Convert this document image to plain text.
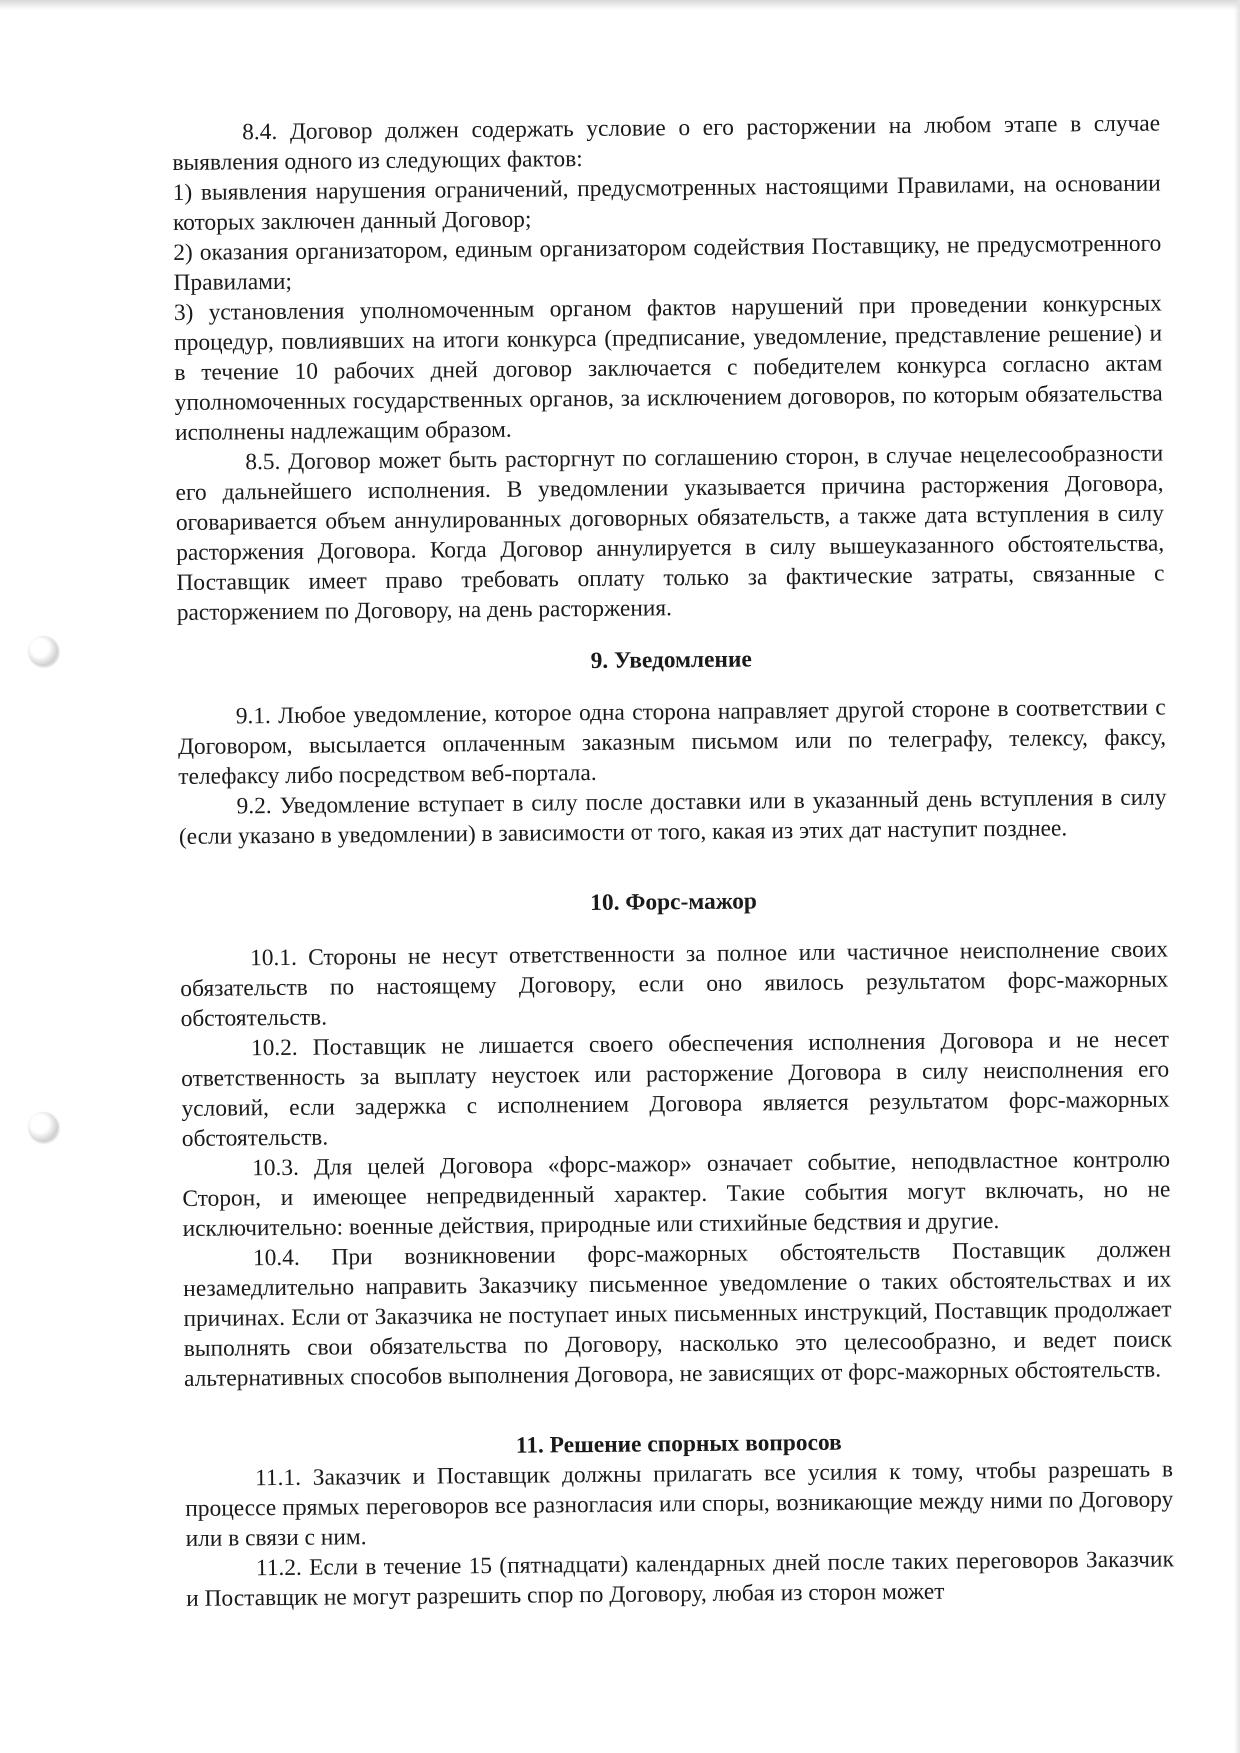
8.4. Договор должен содержать условие о его расторжении на любом этапе в случае выявления одного из следующих фактов:

1) выявления нарушения ограничений, предусмотренных настоящими Правилами, на основании которых заключен данный Договор;

2) оказания организатором, единым организатором содействия Поставщику, не предусмотренного Правилами;

3) установления уполномоченным органом фактов нарушений при проведении конкурсных процедур, повлиявших на итоги конкурса (предписание, уведомление, представление решение) и в течение 10 рабочих дней договор заключается с победителем конкурса согласно актам уполномоченных государственных органов, за исключением договоров, по которым обязательства исполнены надлежащим образом.

8.5. Договор может быть расторгнут по соглашению сторон, в случае нецелесообразности его дальнейшего исполнения. В уведомлении указывается причина расторжения Договора, оговаривается объем аннулированных договорных обязательств, а также дата вступления в силу расторжения Договора. Когда Договор аннулируется в силу вышеуказанного обстоятельства, Поставщик имеет право требовать оплату только за фактические затраты, связанные с расторжением по Договору, на день расторжения.

9. Уведомление

9.1. Любое уведомление, которое одна сторона направляет другой стороне в соответствии с Договором, высылается оплаченным заказным письмом или по телеграфу, телексу, факсу, телефаксу либо посредством веб-портала.

9.2. Уведомление вступает в силу после доставки или в указанный день вступления в силу (если указано в уведомлении) в зависимости от того, какая из этих дат наступит позднее.

10. Форс-мажор

10.1. Стороны не несут ответственности за полное или частичное неисполнение своих обязательств по настоящему Договору, если оно явилось результатом форс-мажорных обстоятельств.

10.2. Поставщик не лишается своего обеспечения исполнения Договора и не несет ответственность за выплату неустоек или расторжение Договора в силу неисполнения его условий, если задержка с исполнением Договора является результатом форс-мажорных обстоятельств.

10.3. Для целей Договора «форс-мажор» означает событие, неподвластное контролю Сторон, и имеющее непредвиденный характер. Такие события могут включать, но не исключительно: военные действия, природные или стихийные бедствия и другие.

10.4. При возникновении форс-мажорных обстоятельств Поставщик должен незамедлительно направить Заказчику письменное уведомление о таких обстоятельствах и их причинах. Если от Заказчика не поступает иных письменных инструкций, Поставщик продолжает выполнять свои обязательства по Договору, насколько это целесообразно, и ведет поиск альтернативных способов выполнения Договора, не зависящих от форс-мажорных обстоятельств.

11. Решение спорных вопросов

11.1. Заказчик и Поставщик должны прилагать все усилия к тому, чтобы разрешать в процессе прямых переговоров все разногласия или споры, возникающие между ними по Договору или в связи с ним.

11.2. Если в течение 15 (пятнадцати) календарных дней после таких переговоров Заказчик и Поставщик не могут разрешить спор по Договору, любая из сторон может
